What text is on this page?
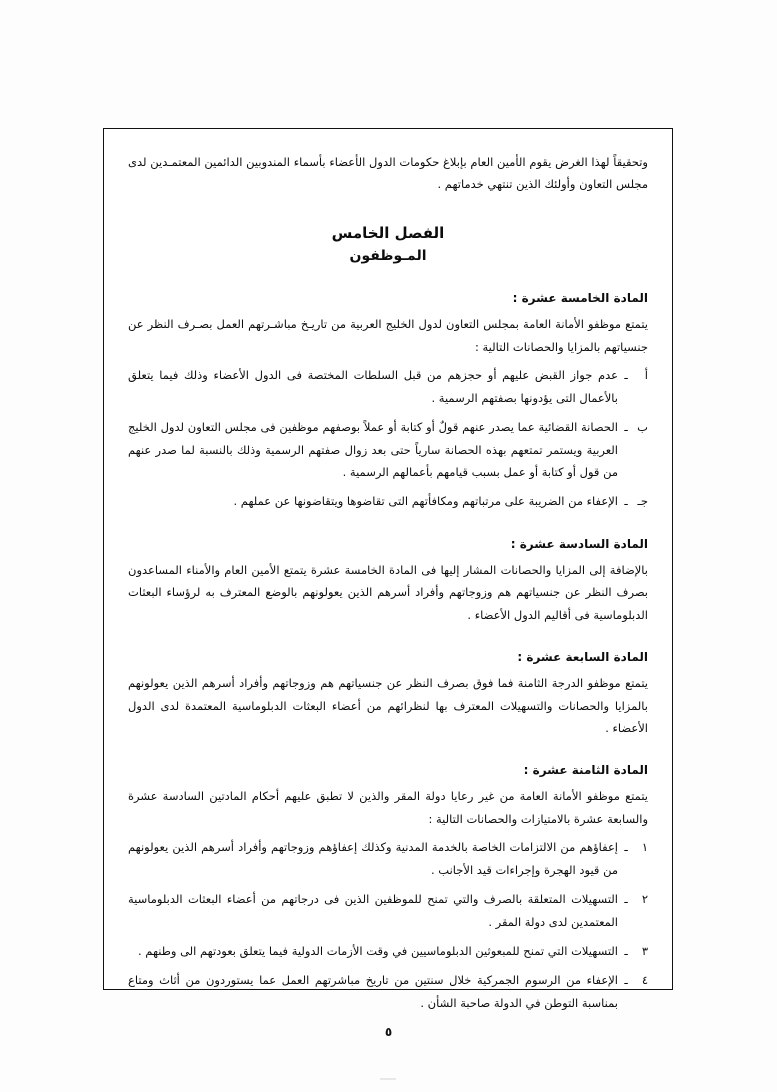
وتحقيقاً لهذا الغرض يقوم الأمين العام بإبلاغ حكومات الدول الأعضاء بأسماء المندوبين الدائمين المعتمـدين لدى مجلس التعاون وأولئك الذين تنتهي خدماتهم .

الفصل الخامس
المـوظفون
المادة الخامسة عشرة :

يتمتع موظفو الأمانة العامة بمجلس التعاون لدول الخليج العربية من تاريـخ مباشـرتهم العمل بصـرف النظر عن جنسياتهم بالمزايا والحصانات التالية :

أ
ـ
عدم جواز القبض عليهم أو حجزهم من قبل السلطات المختصة فى الدول الأعضاء وذلك فيما يتعلق بالأعمال التى يؤدونها بصفتهم الرسمية .
ب
ـ
الحصانة القضائية عما يصدر عنهم قولٌ أو كتابة أو عملاً بوصفهم موظفين فى مجلس التعاون لدول الخليج العربية ويستمر تمتعهم بهذه الحصانة سارياً حتى بعد زوال صفتهم الرسمية وذلك بالنسبة لما صدر عنهم من قول أو كتابة أو عمل بسبب قيامهم بأعمالهم الرسمية .
جـ
ـ
الإعفاء من الضريبة على مرتباتهم ومكافأتهم التى تقاضوها ويتقاضونها عن عملهم .
المادة السادسة عشرة :

بالإضافة إلى المزايا والحصانات المشار إليها فى المادة الخامسة عشرة يتمتع الأمين العام والأمناء المساعدون بصرف النظر عن جنسياتهم هم وزوجاتهم وأفراد أسرهم الذين يعولونهم بالوضع المعترف به لرؤساء البعثات الدبلوماسية فى أقاليم الدول الأعضاء .

المادة السابعة عشرة :

يتمتع موظفو الدرجة الثامنة فما فوق بصرف النظر عن جنسياتهم هم وزوجاتهم وأفراد أسرهم الذين يعولونهم بالمزايا والحصانات والتسهيلات المعترف بها لنظرائهم من أعضاء البعثات الدبلوماسية المعتمدة لدى الدول الأعضاء .

المادة الثامنة عشرة :

يتمتع موظفو الأمانة العامة من غير رعايا دولة المقر والذين لا تطبق عليهم أحكام المادتين السادسة عشرة والسابعة عشرة بالامتيازات والحصانات التالية :

١
ـ
إعفاؤهم من الالتزامات الخاصة بالخدمة المدنية وكذلك إعفاؤهم وزوجاتهم وأفراد أسرهم الذين يعولونهم من قيود الهجرة وإجراءات قيد الأجانب .
٢
ـ
التسهيلات المتعلقة بالصرف والتي تمنح للموظفين الذين فى درجاتهم من أعضاء البعثات الدبلوماسية المعتمدين لدى دولة المقر .
٣
ـ
التسهيلات التي تمنح للمبعوثين الدبلوماسيين في وقت الأزمات الدولية فيما يتعلق بعودتهم الى وطنهم .
٤
ـ
الإعفاء من الرسوم الجمركية خلال سنتين من تاريخ مباشرتهم العمل عما يستوردون من أثاث ومتاع بمناسبة التوطن في الدولة صاحبة الشأن .
٥
